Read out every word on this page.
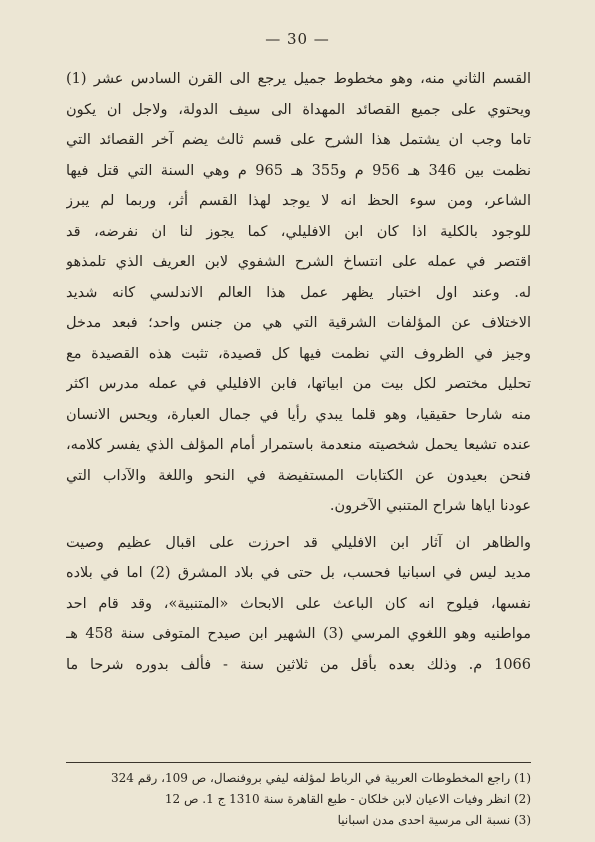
— 30 —
القسم الثاني منه، وهو مخطوط جميل يرجع الى القرن السادس عشر (1)
ويحتوي على جميع القصائد المهداة الى سيف الدولة، ولاجل ان يكون
تاما وجب ان يشتمل هذا الشرح على قسم ثالث يضم آخر القصائد التي
نظمت بين 346 هـ 956 م و355 هـ 965 م وهي السنة التي قتل فيها
الشاعر، ومن سوء الحظ انه لا يوجد لهذا القسم أثر، وربما لم يبرز
للوجود بالكلية اذا كان ابن الافليلي، كما يجوز لنا ان نفرضه، قد
اقتصر في عمله على انتساخ الشرح الشفوي لابن العريف الذي تلمذهو
له. وعند اول اختبار يظهر عمل هذا العالم الاندلسي كانه شديد
الاختلاف عن المؤلفات الشرقية التي هي من جنس واحد؛ فبعد مدخل
وجيز في الظروف التي نظمت فيها كل قصيدة، تثبت هذه القصيدة مع
تحليل مختصر لكل بيت من ابياتها، فابن الافليلي في عمله مدرس اكثر
منه شارحا حقيقيا، وهو قلما يبدي رأيا في جمال العبارة، ويحس الانسان
عنده تشيعا يحمل شخصيته منعدمة باستمرار أمام المؤلف الذي يفسر كلامه،
فنحن بعيدون عن الكتابات المستفيضة في النحو واللغة والآداب التي
عودنا اياها شراح المتنبي الآخرون.
والظاهر ان آثار ابن الافليلي قد احرزت على اقبال عظيم وصيت
مديد ليس في اسبانيا فحسب، بل حتى في بلاد المشرق (2) اما في بلاده
نفسها، فيلوح انه كان الباعث على الابحاث «المتنبية»، وقد قام احد
مواطنيه وهو اللغوي المرسي (3) الشهير ابن صيدح المتوفى سنة 458 هـ
1066 م. وذلك بعده بأقل من ثلاثين سنة - فألف بدوره شرحا ما
(1) راجع المخطوطات العربية في الرباط لمؤلفه ليفي بروفنصال، ص 109، رقم 324
(2) انظر وفيات الاعيان لابن خلكان - طبع القاهرة سنة 1310 ج 1. ص 12
(3) نسبة الى مرسية احدى مدن اسبانيا
